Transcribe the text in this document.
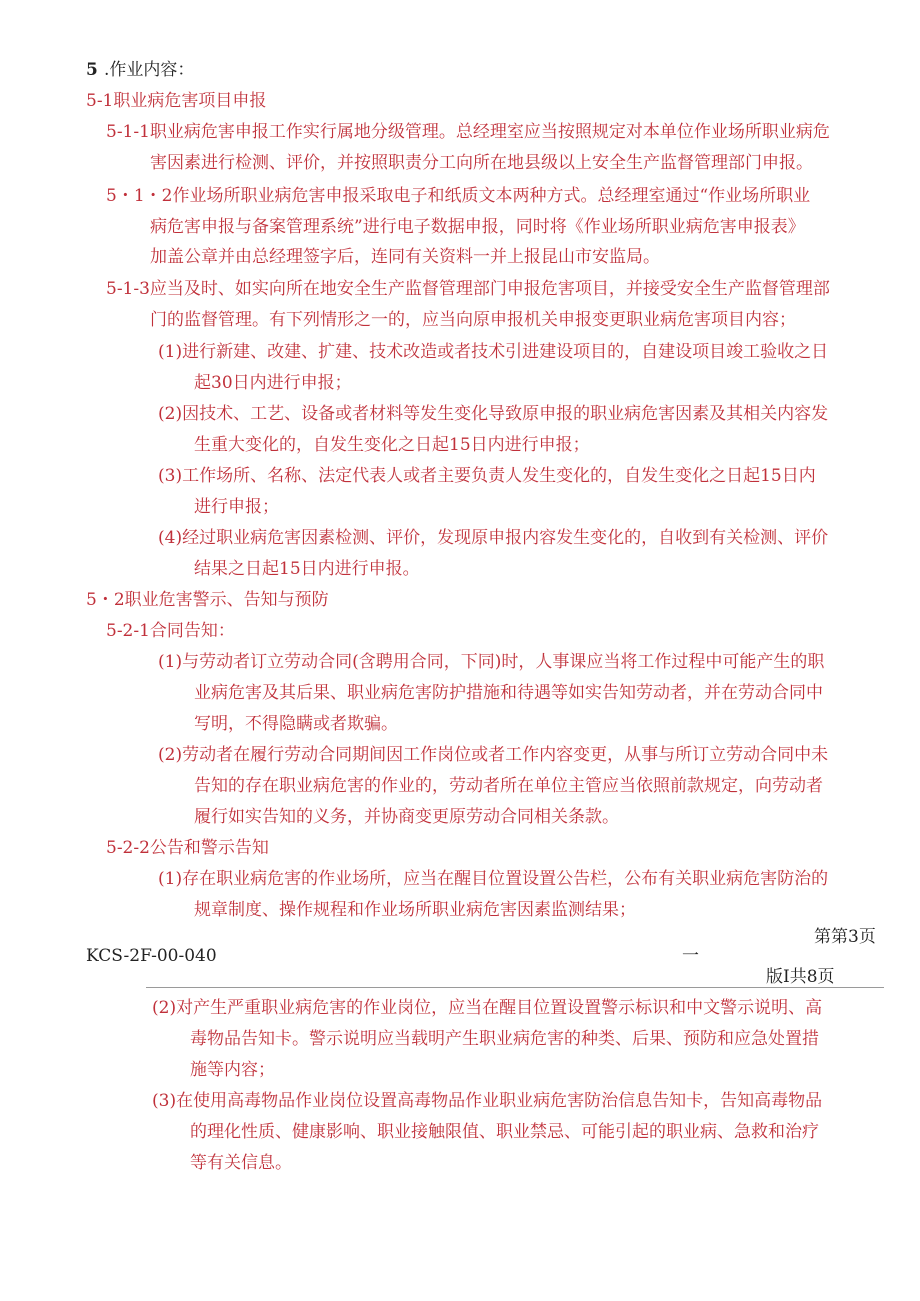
5 .作业内容：
5-1职业病危害项目申报
5-1-1职业病危害申报工作实行属地分级管理。总经理室应当按照规定对本单位作业场所职业病危
害因素进行检测、评价，并按照职责分工向所在地县级以上安全生产监督管理部门申报。
5・1・2作业场所职业病危害申报采取电子和纸质文本两种方式。总经理室通过“作业场所职业
病危害申报与备案管理系统”进行电子数据申报，同时将《作业场所职业病危害申报表》
加盖公章并由总经理签字后，连同有关资料一并上报昆山市安监局。
5-1-3应当及时、如实向所在地安全生产监督管理部门申报危害项目，并接受安全生产监督管理部
门的监督管理。有下列情形之一的，应当向原申报机关申报变更职业病危害项目内容；
(1)进行新建、改建、扩建、技术改造或者技术引进建设项目的，自建设项目竣工验收之日
起30日内进行申报；
(2)因技术、工艺、设备或者材料等发生变化导致原申报的职业病危害因素及其相关内容发
生重大变化的，自发生变化之日起15日内进行申报；
(3)工作场所、名称、法定代表人或者主要负责人发生变化的，自发生变化之日起15日内
进行申报；
(4)经过职业病危害因素检测、评价，发现原申报内容发生变化的，自收到有关检测、评价
结果之日起15日内进行申报。
5・2职业危害警示、告知与预防
5-2-1合同告知：
(1)与劳动者订立劳动合同(含聘用合同，下同)时，人事课应当将工作过程中可能产生的职
业病危害及其后果、职业病危害防护措施和待遇等如实告知劳动者，并在劳动合同中
写明，不得隐瞒或者欺骗。
(2)劳动者在履行劳动合同期间因工作岗位或者工作内容变更，从事与所订立劳动合同中未
告知的存在职业病危害的作业的，劳动者所在单位主管应当依照前款规定，向劳动者
履行如实告知的义务，并协商变更原劳动合同相关条款。
5-2-2公告和警示告知
(1)存在职业病危害的作业场所，应当在醒目位置设置公告栏，公布有关职业病危害防治的
规章制度、操作规程和作业场所职业病危害因素监测结果；
第第3页
KCS-2F-00-040	一
版I共8页
(2)对产生严重职业病危害的作业岗位，应当在醒目位置设置警示标识和中文警示说明、高
毒物品告知卡。警示说明应当载明产生职业病危害的种类、后果、预防和应急处置措
施等内容；
(3)在使用高毒物品作业岗位设置高毒物品作业职业病危害防治信息告知卡，告知高毒物品
的理化性质、健康影响、职业接触限值、职业禁忌、可能引起的职业病、急救和治疗
等有关信息。
